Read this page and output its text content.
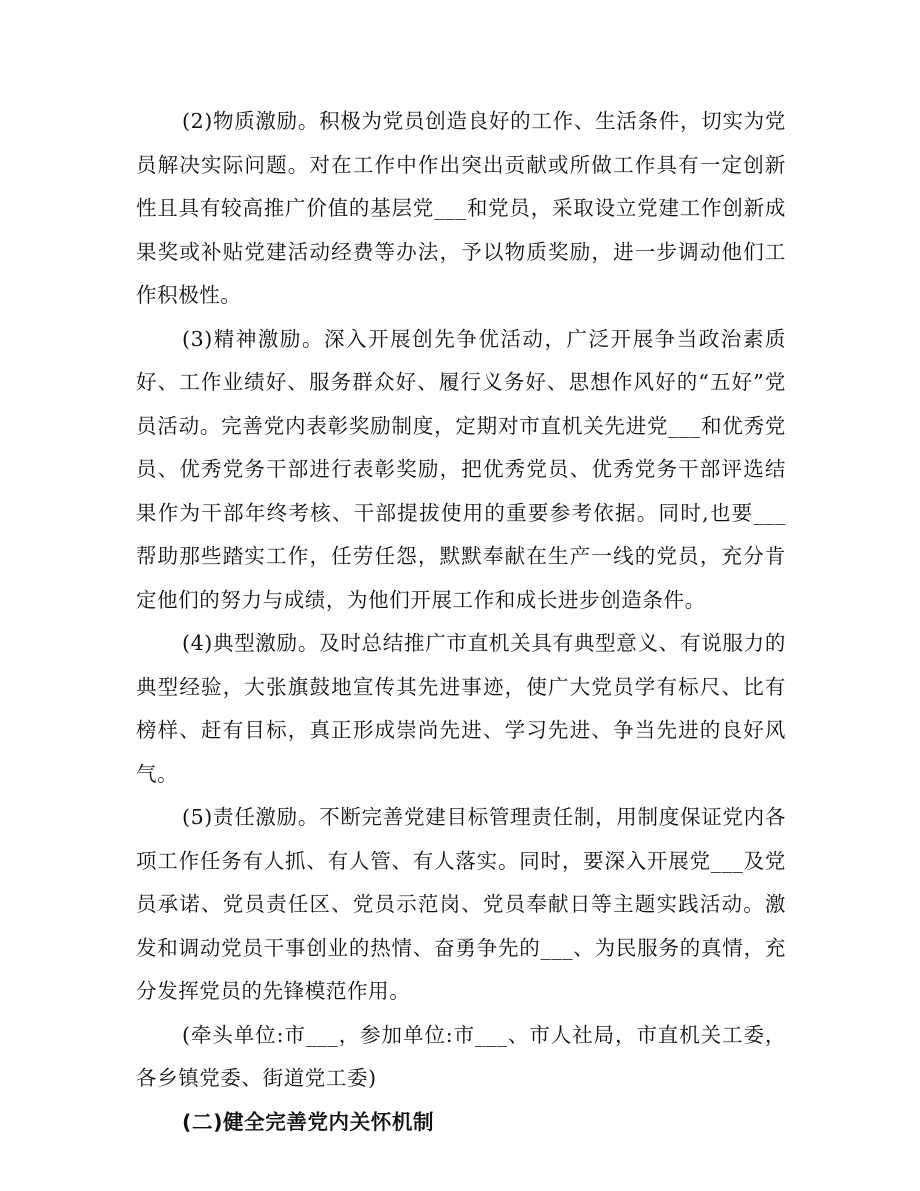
(2)物质激励。积极为党员创造良好的工作、生活条件，切实为党员解决实际问题。对在工作中作出突出贡献或所做工作具有一定创新性且具有较高推广价值的基层党___和党员，采取设立党建工作创新成果奖或补贴党建活动经费等办法，予以物质奖励，进一步调动他们工作积极性。

(3)精神激励。深入开展创先争优活动，广泛开展争当政治素质好、工作业绩好、服务群众好、履行义务好、思想作风好的“五好”党员活动。完善党内表彰奖励制度，定期对市直机关先进党___和优秀党员、优秀党务干部进行表彰奖励，把优秀党员、优秀党务干部评选结果作为干部年终考核、干部提拔使用的重要参考依据。同时,也要___帮助那些踏实工作，任劳任怨，默默奉献在生产一线的党员，充分肯定他们的努力与成绩，为他们开展工作和成长进步创造条件。

(4)典型激励。及时总结推广市直机关具有典型意义、有说服力的典型经验，大张旗鼓地宣传其先进事迹，使广大党员学有标尺、比有榜样、赶有目标，真正形成崇尚先进、学习先进、争当先进的良好风气。

(5)责任激励。不断完善党建目标管理责任制，用制度保证党内各项工作任务有人抓、有人管、有人落实。同时，要深入开展党___及党员承诺、党员责任区、党员示范岗、党员奉献日等主题实践活动。激发和调动党员干事创业的热情、奋勇争先的___、为民服务的真情，充分发挥党员的先锋模范作用。

(牵头单位:市___，参加单位:市___、市人社局，市直机关工委，各乡镇党委、街道党工委)

(二)健全完善党内关怀机制
